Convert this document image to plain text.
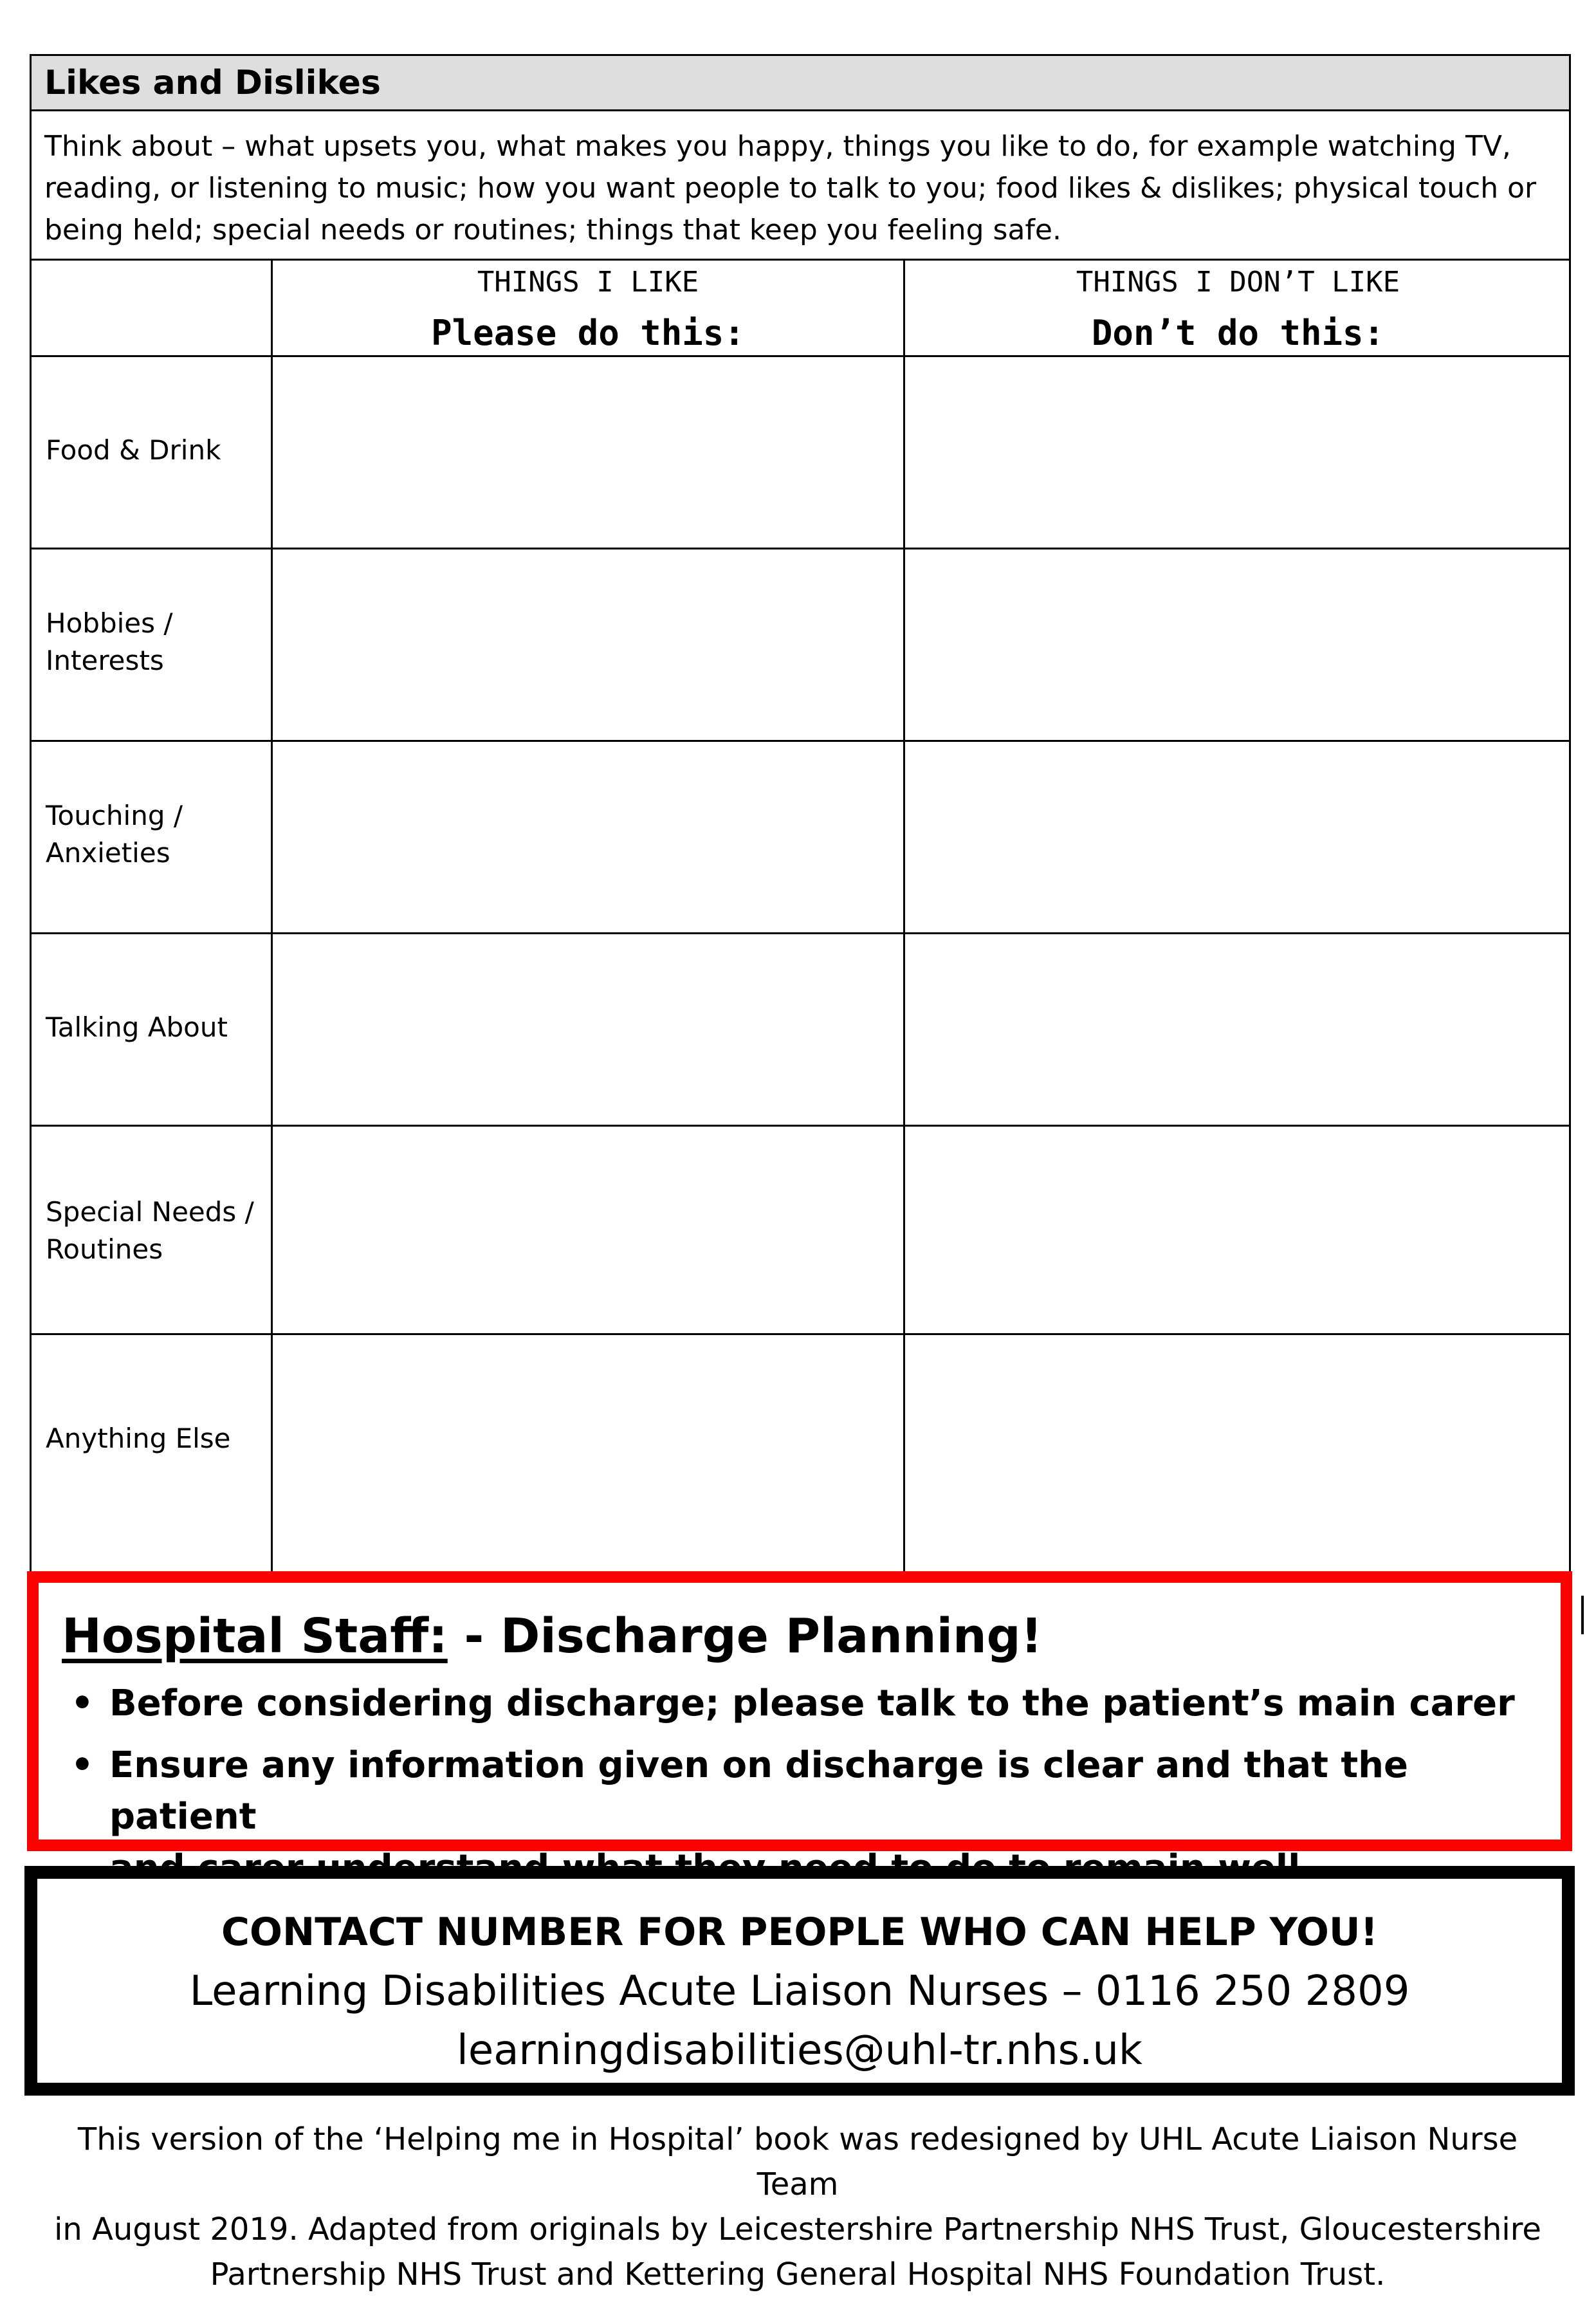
Likes and Dislikes
Think about – what upsets you, what makes you happy, things you like to do, for example watching TV,
reading, or listening to music; how you want people to talk to you; food likes & dislikes; physical touch or
being held; special needs or routines; things that keep you feeling safe.
THINGS I LIKE
Please do this:
THINGS I DON’T LIKE
Don’t do this:
Food & Drink
Hobbies /
Interests
Touching /
Anxieties
Talking About
Special Needs /
Routines
Anything Else
Hospital Staff: - Discharge Planning!
• Before considering discharge; please talk to the patient’s main carer
• Ensure any information given on discharge is clear and that the patient
CONTACT NUMBER FOR PEOPLE WHO CAN HELP YOU!
Learning Disabilities Acute Liaison Nurses – 0116 250 2809
learningdisabilities@uhl-tr.nhs.uk
This version of the ‘Helping me in Hospital’ book was redesigned by UHL Acute Liaison Nurse Team
in August 2019. Adapted from originals by Leicestershire Partnership NHS Trust, Gloucestershire
Partnership NHS Trust and Kettering General Hospital NHS Foundation Trust.
